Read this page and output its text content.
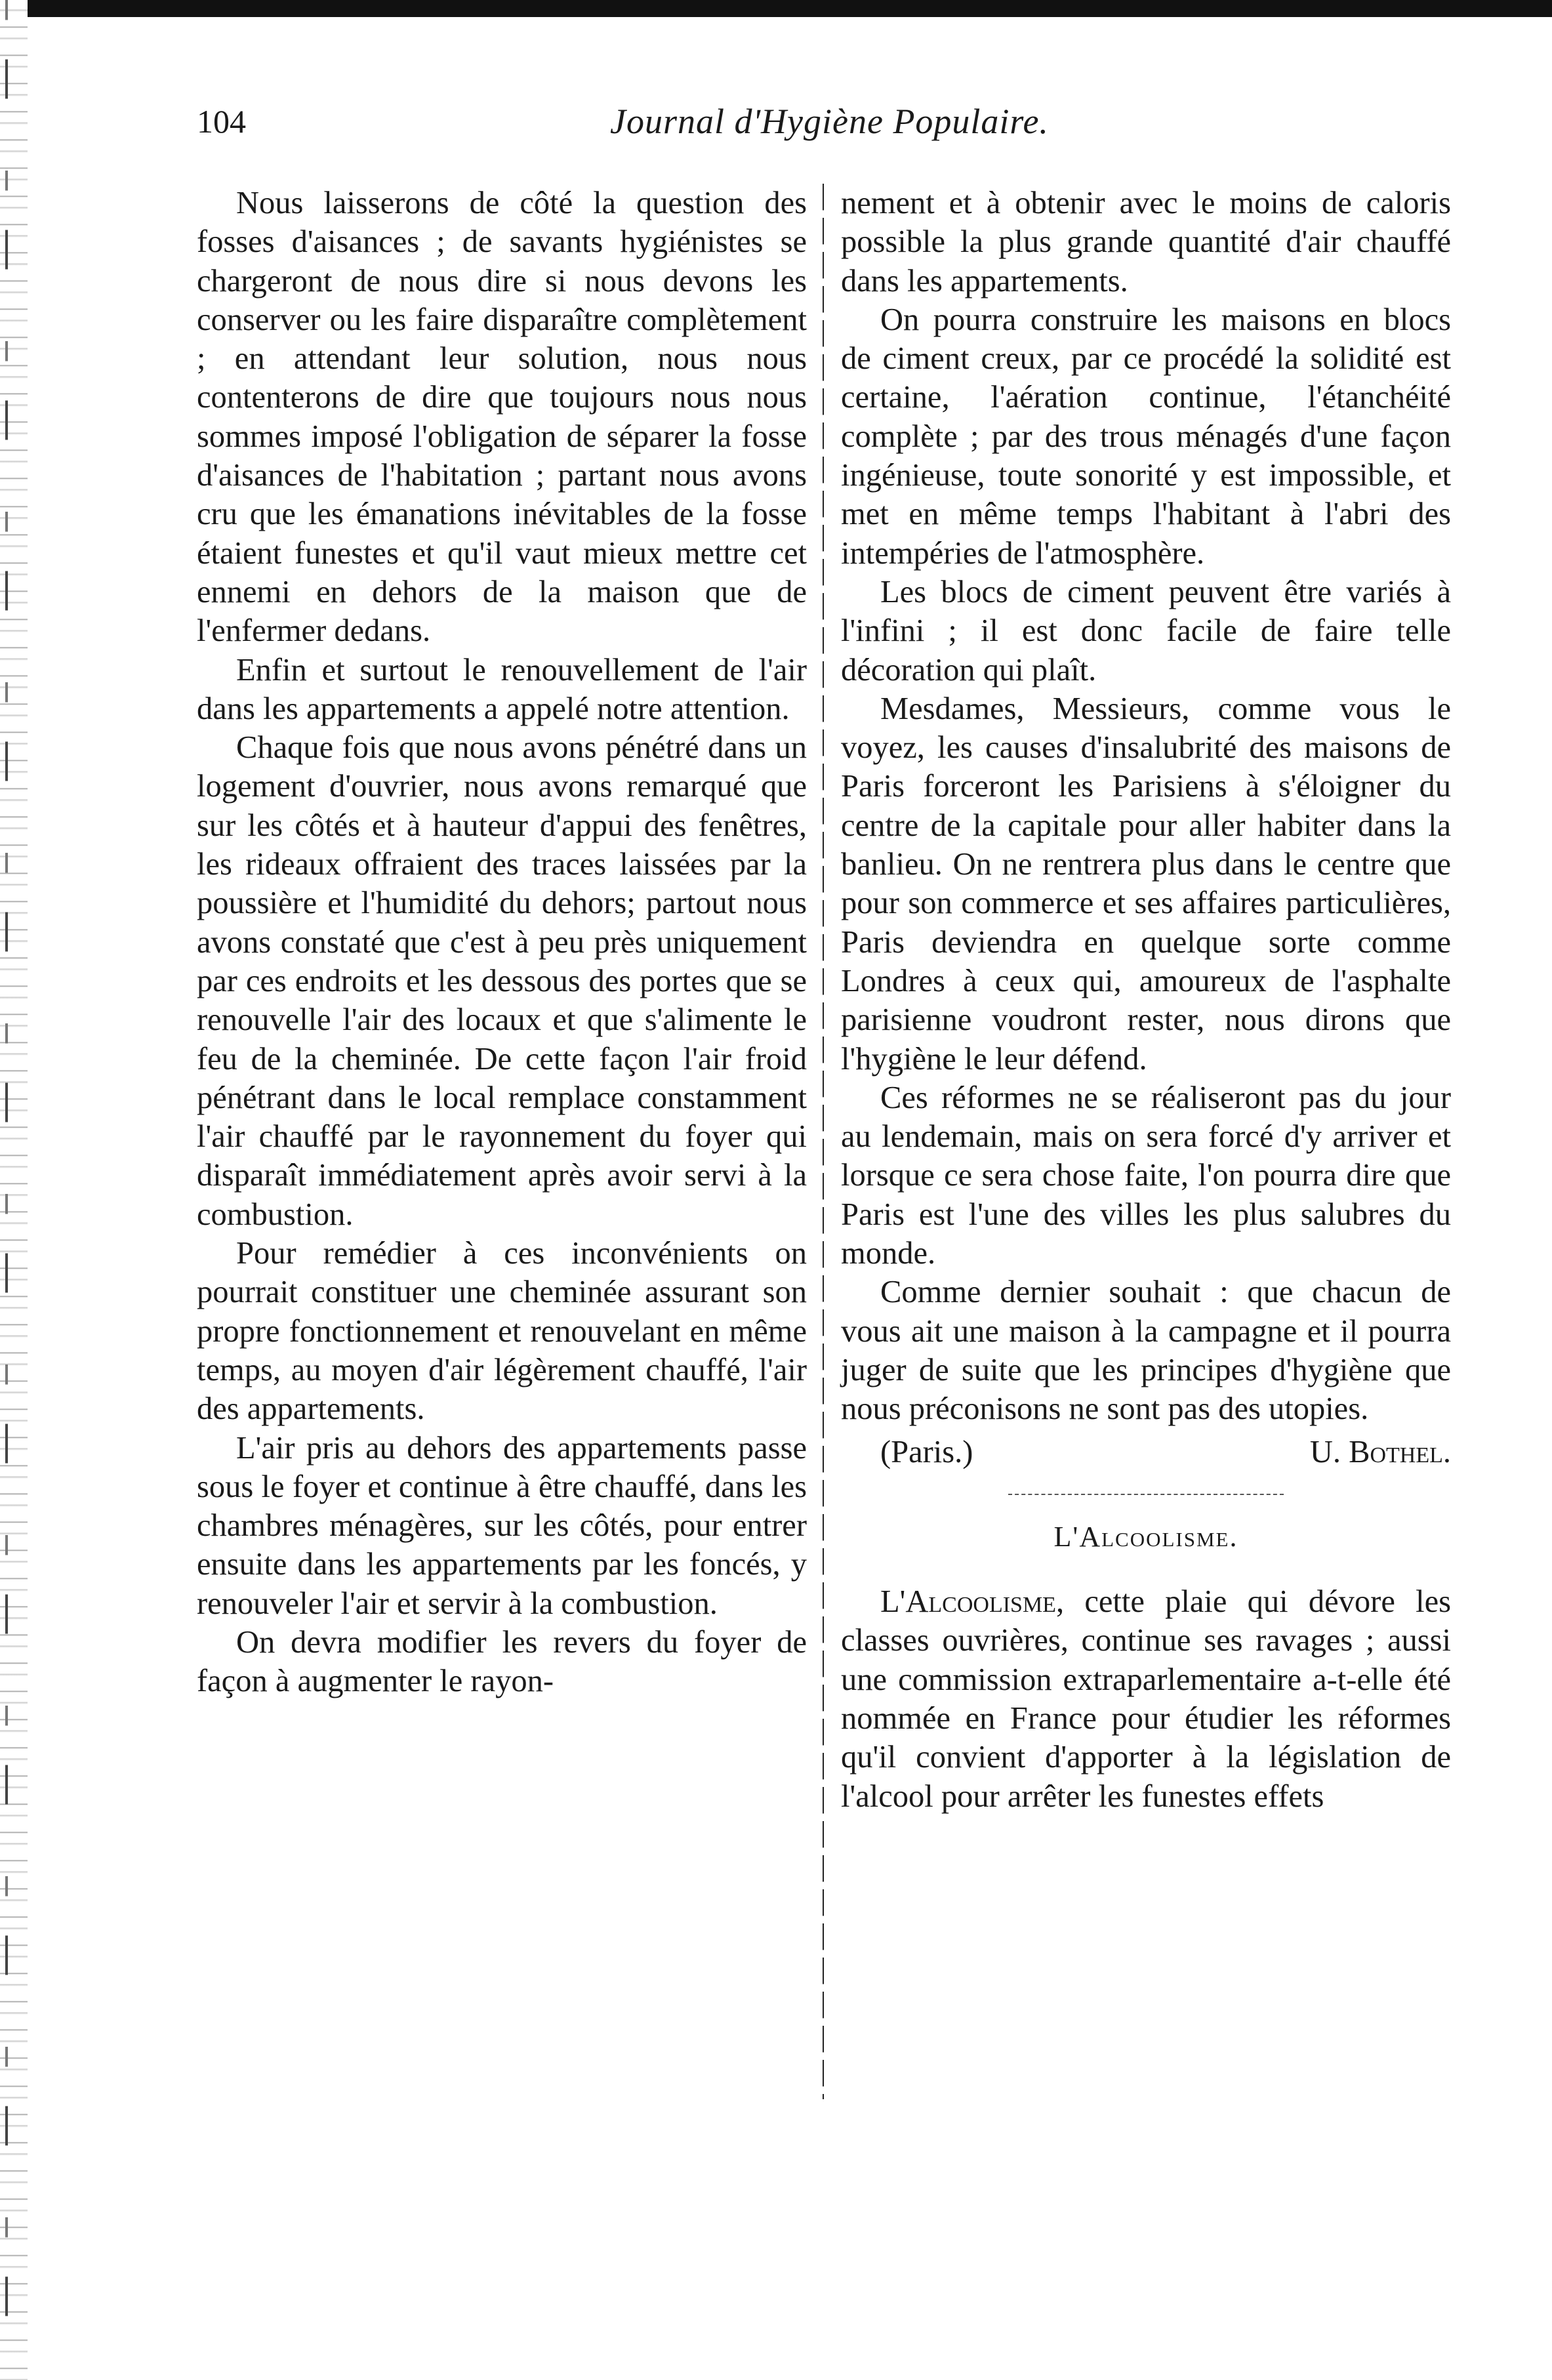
104	Journal d'Hygiène Populaire.

Nous laisserons de côté la question des fosses d'aisances ; de savants hygiénistes se chargeront de nous dire si nous devons les conserver ou les faire disparaître complètement ; en attendant leur solution, nous nous contenterons de dire que toujours nous nous sommes imposé l'obligation de séparer la fosse d'aisances de l'habitation ; partant nous avons cru que les émanations inévitables de la fosse étaient funestes et qu'il vaut mieux mettre cet ennemi en dehors de la maison que de l'enfermer dedans.

Enfin et surtout le renouvellement de l'air dans les appartements a appelé notre attention.

Chaque fois que nous avons pénétré dans un logement d'ouvrier, nous avons remarqué que sur les côtés et à hauteur d'appui des fenêtres, les rideaux offraient des traces laissées par la poussière et l'humidité du dehors; partout nous avons constaté que c'est à peu près uniquement par ces endroits et les dessous des portes que se renouvelle l'air des locaux et que s'alimente le feu de la cheminée. De cette façon l'air froid pénétrant dans le local remplace constamment l'air chauffé par le rayonnement du foyer qui disparaît immédiatement après avoir servi à la combustion.

Pour remédier à ces inconvénients on pourrait constituer une cheminée assurant son propre fonctionnement et renouvelant en même temps, au moyen d'air légèrement chauffé, l'air des appartements.

L'air pris au dehors des appartements passe sous le foyer et continue à être chauffé, dans les chambres ménagères, sur les côtés, pour entrer ensuite dans les appartements par les foncés, y renouveler l'air et servir à la combustion.

On devra modifier les revers du foyer de façon à augmenter le rayon-

nement et à obtenir avec le moins de caloris possible la plus grande quantité d'air chauffé dans les appartements.

On pourra construire les maisons en blocs de ciment creux, par ce procédé la solidité est certaine, l'aération continue, l'étanchéité complète ; par des trous ménagés d'une façon ingénieuse, toute sonorité y est impossible, et met en même temps l'habitant à l'abri des intempéries de l'atmosphère.

Les blocs de ciment peuvent être variés à l'infini ; il est donc facile de faire telle décoration qui plaît.

Mesdames, Messieurs, comme vous le voyez, les causes d'insalubrité des maisons de Paris forceront les Parisiens à s'éloigner du centre de la capitale pour aller habiter dans la banlieu. On ne rentrera plus dans le centre que pour son commerce et ses affaires particulières, Paris deviendra en quelque sorte comme Londres à ceux qui, amoureux de l'asphalte parisienne voudront rester, nous dirons que l'hygiène le leur défend.

Ces réformes ne se réaliseront pas du jour au lendemain, mais on sera forcé d'y arriver et lorsque ce sera chose faite, l'on pourra dire que Paris est l'une des villes les plus salubres du monde.

Comme dernier souhait : que chacun de vous ait une maison à la campagne et il pourra juger de suite que les principes d'hygiène que nous préconisons ne sont pas des utopies.

(Paris.)	U. Bothel.
L'Alcoolisme.

L'Alcoolisme, cette plaie qui dévore les classes ouvrières, continue ses ravages ; aussi une commission extraparlementaire a-t-elle été nommée en France pour étudier les réformes qu'il convient d'apporter à la législation de l'alcool pour arrêter les funestes effets
